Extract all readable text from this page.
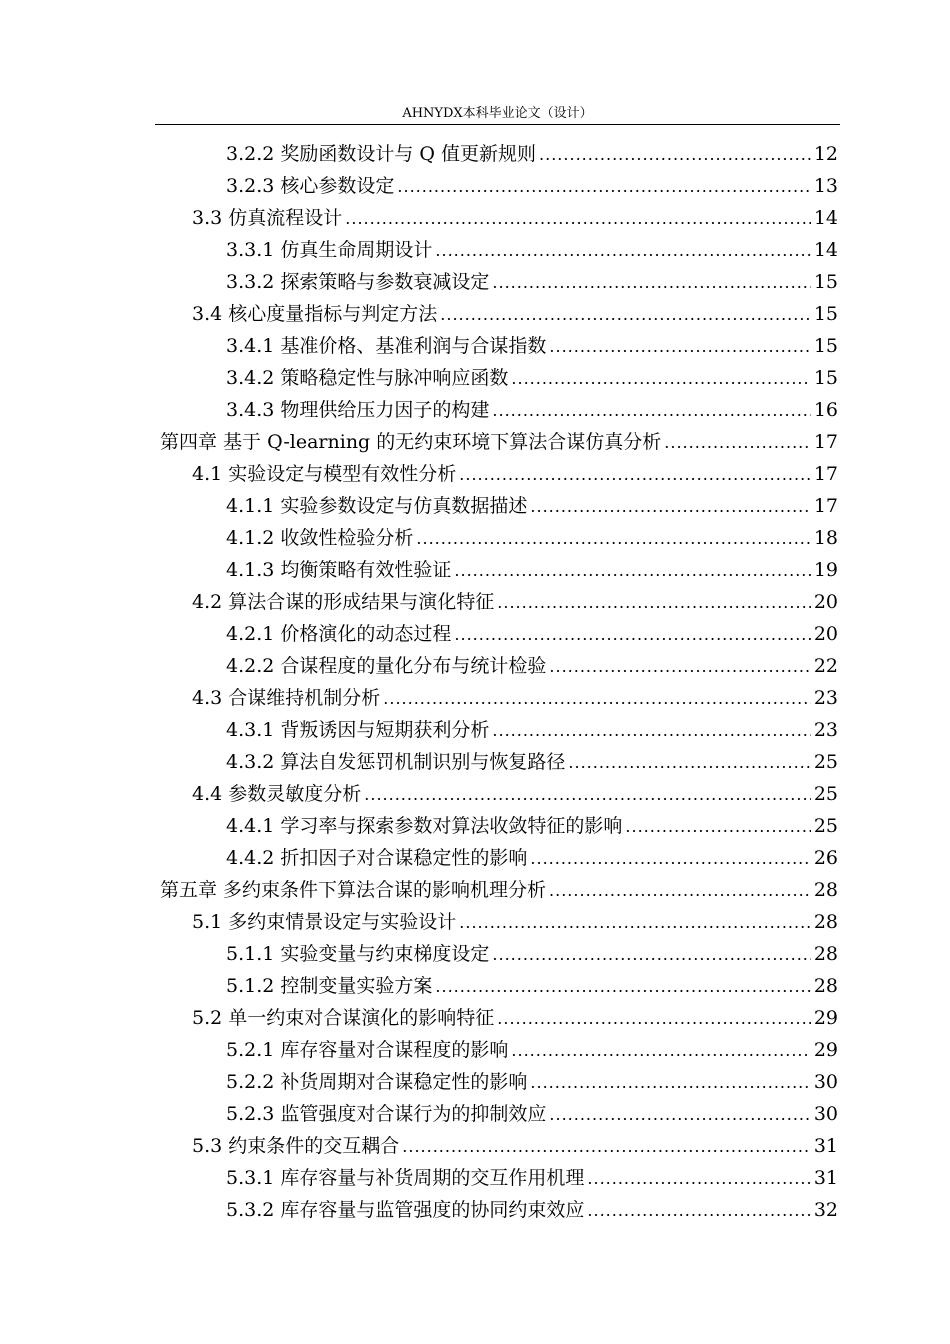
AHNYDX本科毕业论文（设计）
3.2.2 奖励函数设计与 Q 值更新规则 .....	12
3.2.3 核心参数设定 .....	13
3.3 仿真流程设计 .....	14
3.3.1 仿真生命周期设计 .....	14
3.3.2 探索策略与参数衰减设定 .....	15
3.4 核心度量指标与判定方法 .....	15
3.4.1 基准价格、基准利润与合谋指数 .....	15
3.4.2 策略稳定性与脉冲响应函数 .....	15
3.4.3 物理供给压力因子的构建 .....	16
第四章 基于 Q-learning 的无约束环境下算法合谋仿真分析 .....	17
4.1 实验设定与模型有效性分析 .....	17
4.1.1 实验参数设定与仿真数据描述 .....	17
4.1.2 收敛性检验分析 .....	18
4.1.3 均衡策略有效性验证 .....	19
4.2 算法合谋的形成结果与演化特征 .....	20
4.2.1 价格演化的动态过程 .....	20
4.2.2 合谋程度的量化分布与统计检验 .....	22
4.3 合谋维持机制分析 .....	23
4.3.1 背叛诱因与短期获利分析 .....	23
4.3.2 算法自发惩罚机制识别与恢复路径 .....	25
4.4 参数灵敏度分析 .....	25
4.4.1 学习率与探索参数对算法收敛特征的影响 .....	25
4.4.2 折扣因子对合谋稳定性的影响 .....	26
第五章 多约束条件下算法合谋的影响机理分析 .....	28
5.1 多约束情景设定与实验设计 .....	28
5.1.1 实验变量与约束梯度设定 .....	28
5.1.2 控制变量实验方案 .....	28
5.2 单一约束对合谋演化的影响特征 .....	29
5.2.1 库存容量对合谋程度的影响 .....	29
5.2.2 补货周期对合谋稳定性的影响 .....	30
5.2.3 监管强度对合谋行为的抑制效应 .....	30
5.3 约束条件的交互耦合 .....	31
5.3.1 库存容量与补货周期的交互作用机理 .....	31
5.3.2 库存容量与监管强度的协同约束效应 .....	32
